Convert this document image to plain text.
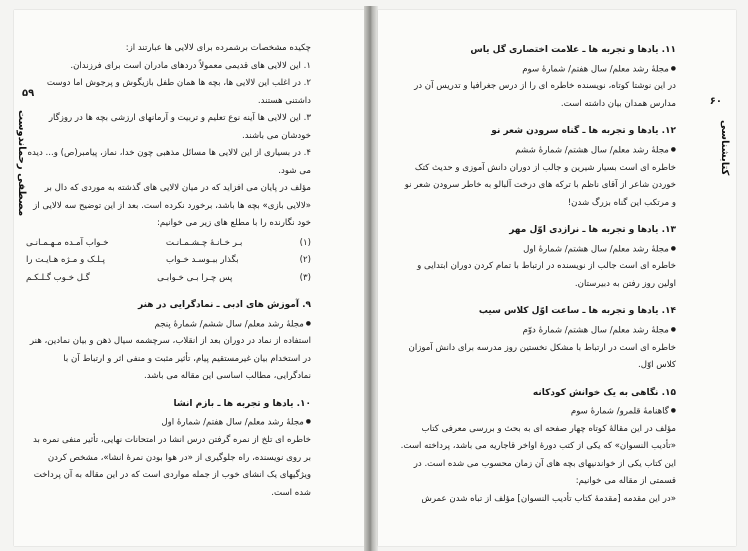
۵۹
مصطفى رحماندوست

چکیده مشخصات برشمرده برای لالایی ها عبارتند از:

۱. این لالایی های قدیمی معمولاً دردهای مادران است برای فرزندان.

۲. در اغلب این لالایی ها، بچه ها همان طفل بازیگوش و پرجوش اما دوست داشتنی هستند.

۳. این لالایی ها آینه نوع تعلیم و تربیت و آرمانهای ارزشی بچه ها در روزگار خودشان می باشند.

۴. در بسیاری از این لالایی ها مسائل مذهبی چون خدا، نماز، پیامبر(ص) و... دیده می شود.

مؤلف در پایان می افزاید که در میان لالایی های گذشته به موردی که دال بر «لالایی بازی» بچه ها باشد، برخورد نکرده است. بعد از این توضیح سه لالایی از خود نگارنده را با مطلع های زیر می خوانیم:

(۱)
بـر خـانـهٔ چـشـمـانـت
خـواب آمـده مـهـمـانـی
(۲)
بگذار ببـوسـد خـواب
پـلـک و مـژه هـایـت را
(۳)
پس چـرا بـی خـوابـی
گـل خـوب گـلـکـم

۹. آموزش های ادبی ـ نمادگرایی در هنر

● مجلهٔ رشد معلم/ سال ششم/ شمارهٔ پنجم

استفاده از نماد در دوران بعد از انقلاب، سرچشمه سیال ذهن و بیان نمادین، هنر در استخدام بیان غیرمستقیم پیام، تأثیر مثبت و منفی اثر و ارتباط آن با نمادگرایی، مطالب اساسی این مقاله می باشد.

۱۰. یادها و تجربه ها ـ بازم انشا

● مجلهٔ رشد معلم/ سال هفتم/ شمارهٔ اول

خاطره ای تلخ از نمره گرفتن درس انشا در امتحانات نهایی، تأثیر منفی نمره بد بر روی نویسنده، راه جلوگیری از «در هوا بودن نمرهٔ انشا»، مشخص کردن ویژگیهای یک انشای خوب از جمله مواردی است که در این مقاله به آن پرداخت شده است.

۶۰
کتابشناسی

۱۱. یادها و تجربه ها ـ علامت اختصاری گل یاس

● مجلهٔ رشد معلم/ سال هفتم/ شمارهٔ سوم

در این نوشتا کوتاه، نویسنده خاطره ای را از درس جغرافیا و تدریس آن در مدارس همدان بیان داشته است.

۱۲. یادها و تجربه ها ـ گناه سرودن شعر نو

● مجلهٔ رشد معلم/ سال هشتم/ شمارهٔ ششم

خاطره ای است بسیار شیرین و جالب از دوران دانش آموزی و حدیث کتک خوردن شاعر از آقای ناظم با ترکه های درخت آلبالو به خاطر سرودن شعر نو و مرتکب این گناه بزرگ شدن!

۱۳. یادها و تجربه ها ـ نرازدی اوّل مهر

● مجلهٔ رشد معلم/ سال هشتم/ شمارهٔ اول

خاطره ای است جالب از نویسنده در ارتباط با تمام کردن دوران ابتدایی و اولین روز رفتن به دبیرستان.

۱۴. یادها و تجربه ها ـ ساعت اوّل کلاس سیب

● مجلهٔ رشد معلم/ سال هشتم/ شمارهٔ دوّم

خاطره ای است در ارتباط با مشکل نخستین روز مدرسه برای دانش آموزان کلاس اوّل.

۱۵. نگاهی به یک خوانش کودکانه

● گاهنامهٔ قلمرو/ شمارهٔ سوم

مؤلف در این مقالهٔ کوتاه چهار صفحه ای به بحث و بررسی معرفی کتاب «تأدیب النسوان» که یکی از کتب دورهٔ اواخر قاجاریه می باشد، پرداخته است. این کتاب یکی از خواندنیهای بچه های آن زمان محسوب می شده است. در قسمتی از مقاله می خوانیم:

«در این مقدمه [مقدمهٔ کتاب تأدیب النسوان] مؤلف از تباه شدن عمرش
